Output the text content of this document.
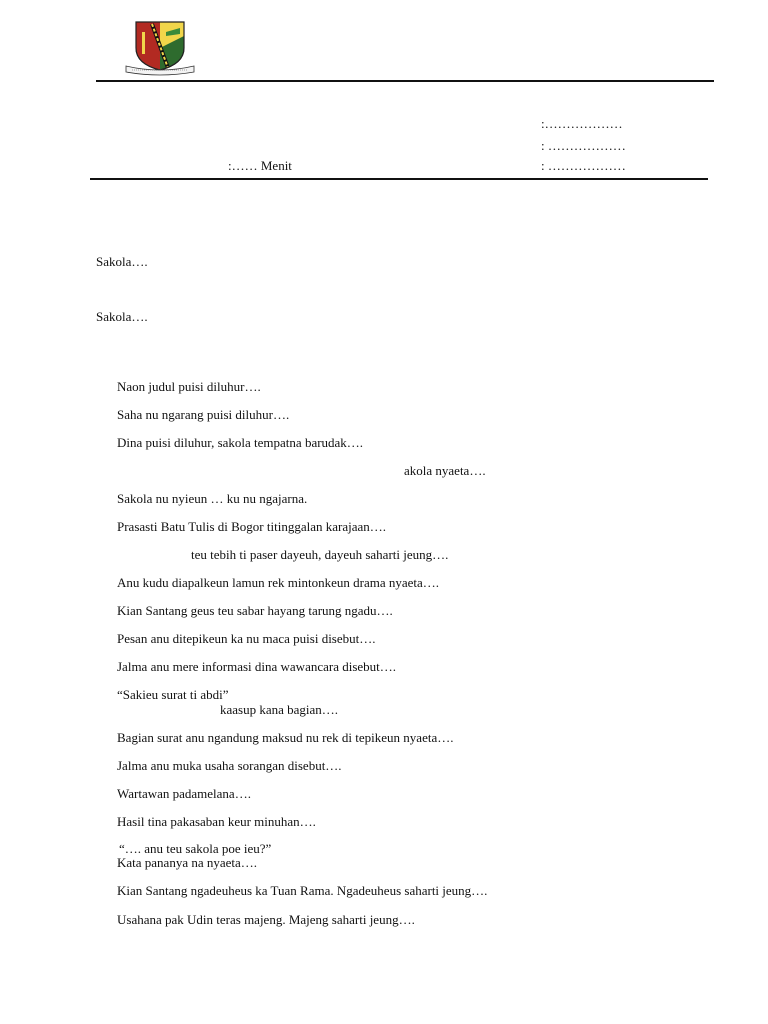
:………………
: ………………
:…… Menit	: ………………
Sakola….
Sakola….
Naon judul puisi diluhur….
Saha nu ngarang puisi diluhur….
Dina puisi diluhur, sakola tempatna barudak….
akola nyaeta….
Sakola nu nyieun … ku nu ngajarna.
Prasasti Batu Tulis di Bogor titinggalan karajaan….
teu tebih ti paser dayeuh, dayeuh saharti jeung….
Anu kudu diapalkeun lamun rek mintonkeun drama nyaeta….
Kian Santang geus teu sabar hayang tarung ngadu….
Pesan anu ditepikeun ka nu maca puisi disebut….
Jalma anu mere informasi dina wawancara disebut….
“Sakieu surat ti abdi”
kaasup kana bagian….
Bagian surat anu ngandung maksud nu rek di tepikeun nyaeta….
Jalma anu muka usaha sorangan disebut….
Wartawan padamelana….
Hasil tina pakasaban keur minuhan….
“…. anu teu sakola poe ieu?”
Kata pananya na nyaeta….
Kian Santang ngadeuheus ka Tuan Rama. Ngadeuheus saharti jeung….
Usahana pak Udin teras majeng. Majeng saharti jeung….
